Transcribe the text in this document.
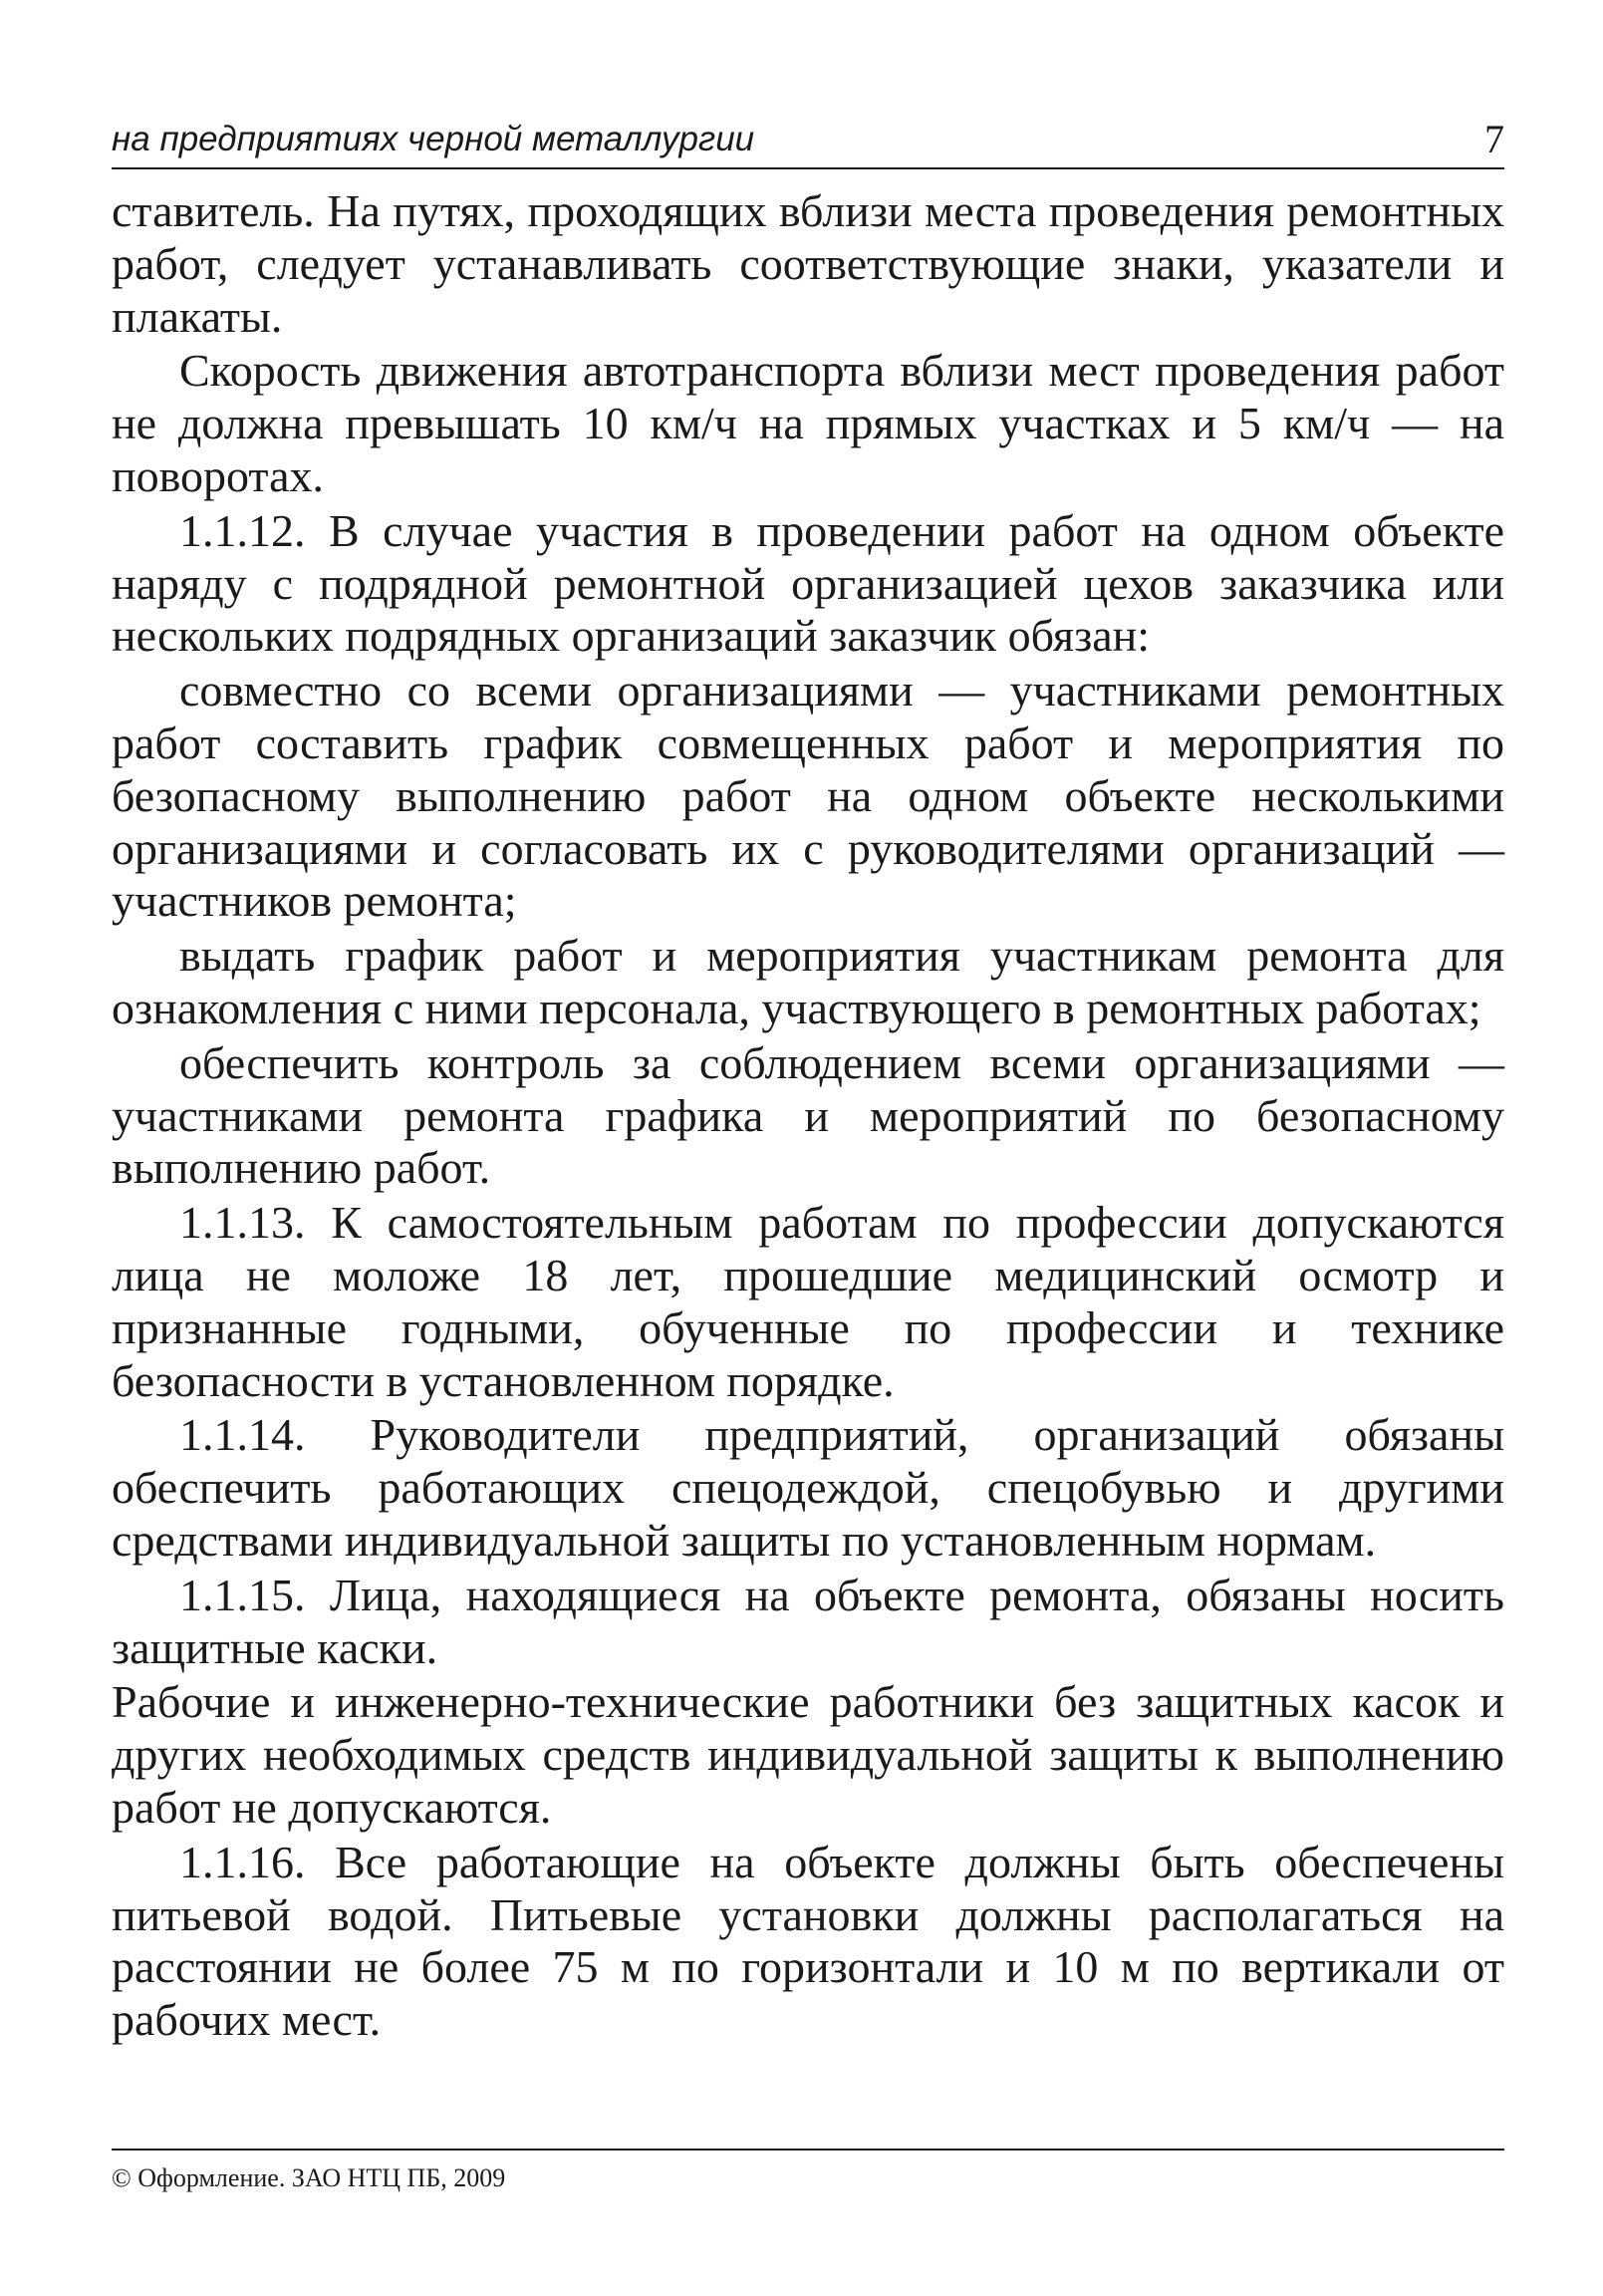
на предприятиях черной металлургии	7

ставитель. На путях, проходящих вблизи места проведения ремонтных работ, следует устанавливать соответствующие знаки, указатели и плакаты.

Скорость движения автотранспорта вблизи мест проведения работ не должна превышать 10 км/ч на прямых участках и 5 км/ч — на поворотах.

1.1.12. В случае участия в проведении работ на одном объекте наряду с подрядной ремонтной организацией цехов заказчика или нескольких подрядных организаций заказчик обязан:

совместно со всеми организациями — участниками ремонтных работ составить график совмещенных работ и мероприятия по безопасному выполнению работ на одном объекте несколькими организациями и согласовать их с руководителями организаций — участников ремонта;

выдать график работ и мероприятия участникам ремонта для ознакомления с ними персонала, участвующего в ремонтных работах;

обеспечить контроль за соблюдением всеми организациями — участниками ремонта графика и мероприятий по безопасному выполнению работ.

1.1.13. К самостоятельным работам по профессии допускаются лица не моложе 18 лет, прошедшие медицинский осмотр и признанные годными, обученные по профессии и технике безопасности в установленном порядке.

1.1.14. Руководители предприятий, организаций обязаны обеспечить работающих спецодеждой, спецобувью и другими средствами индивидуальной защиты по установленным нормам.

1.1.15. Лица, находящиеся на объекте ремонта, обязаны носить защитные каски.

Рабочие и инженерно-технические работники без защитных касок и других необходимых средств индивидуальной защиты к выполнению работ не допускаются.

1.1.16. Все работающие на объекте должны быть обеспечены питьевой водой. Питьевые установки должны располагаться на расстоянии не более 75 м по горизонтали и 10 м по вертикали от рабочих мест.

© Оформление. ЗАО НТЦ ПБ, 2009
